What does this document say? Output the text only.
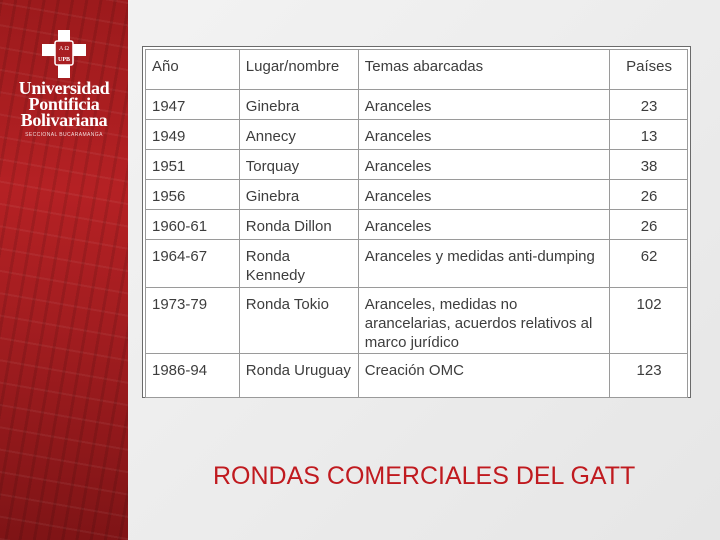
A Ω
UPB
Universidad
Pontificia
Bolivariana
SECCIONAL BUCARAMANGA
Año	Lugar/nombre	Temas abarcadas	Países
1947	Ginebra	Aranceles	23
1949	Annecy	Aranceles	13
1951	Torquay	Aranceles	38
1956	Ginebra	Aranceles	26
1960-61	Ronda Dillon	Aranceles	26
1964-67	Ronda Kennedy	Aranceles y medidas anti-dumping	62
1973-79	Ronda Tokio	Aranceles, medidas no arancelarias, acuerdos relativos al marco jurídico	102
1986-94	Ronda Uruguay	Creación OMC	123
RONDAS COMERCIALES DEL GATT
